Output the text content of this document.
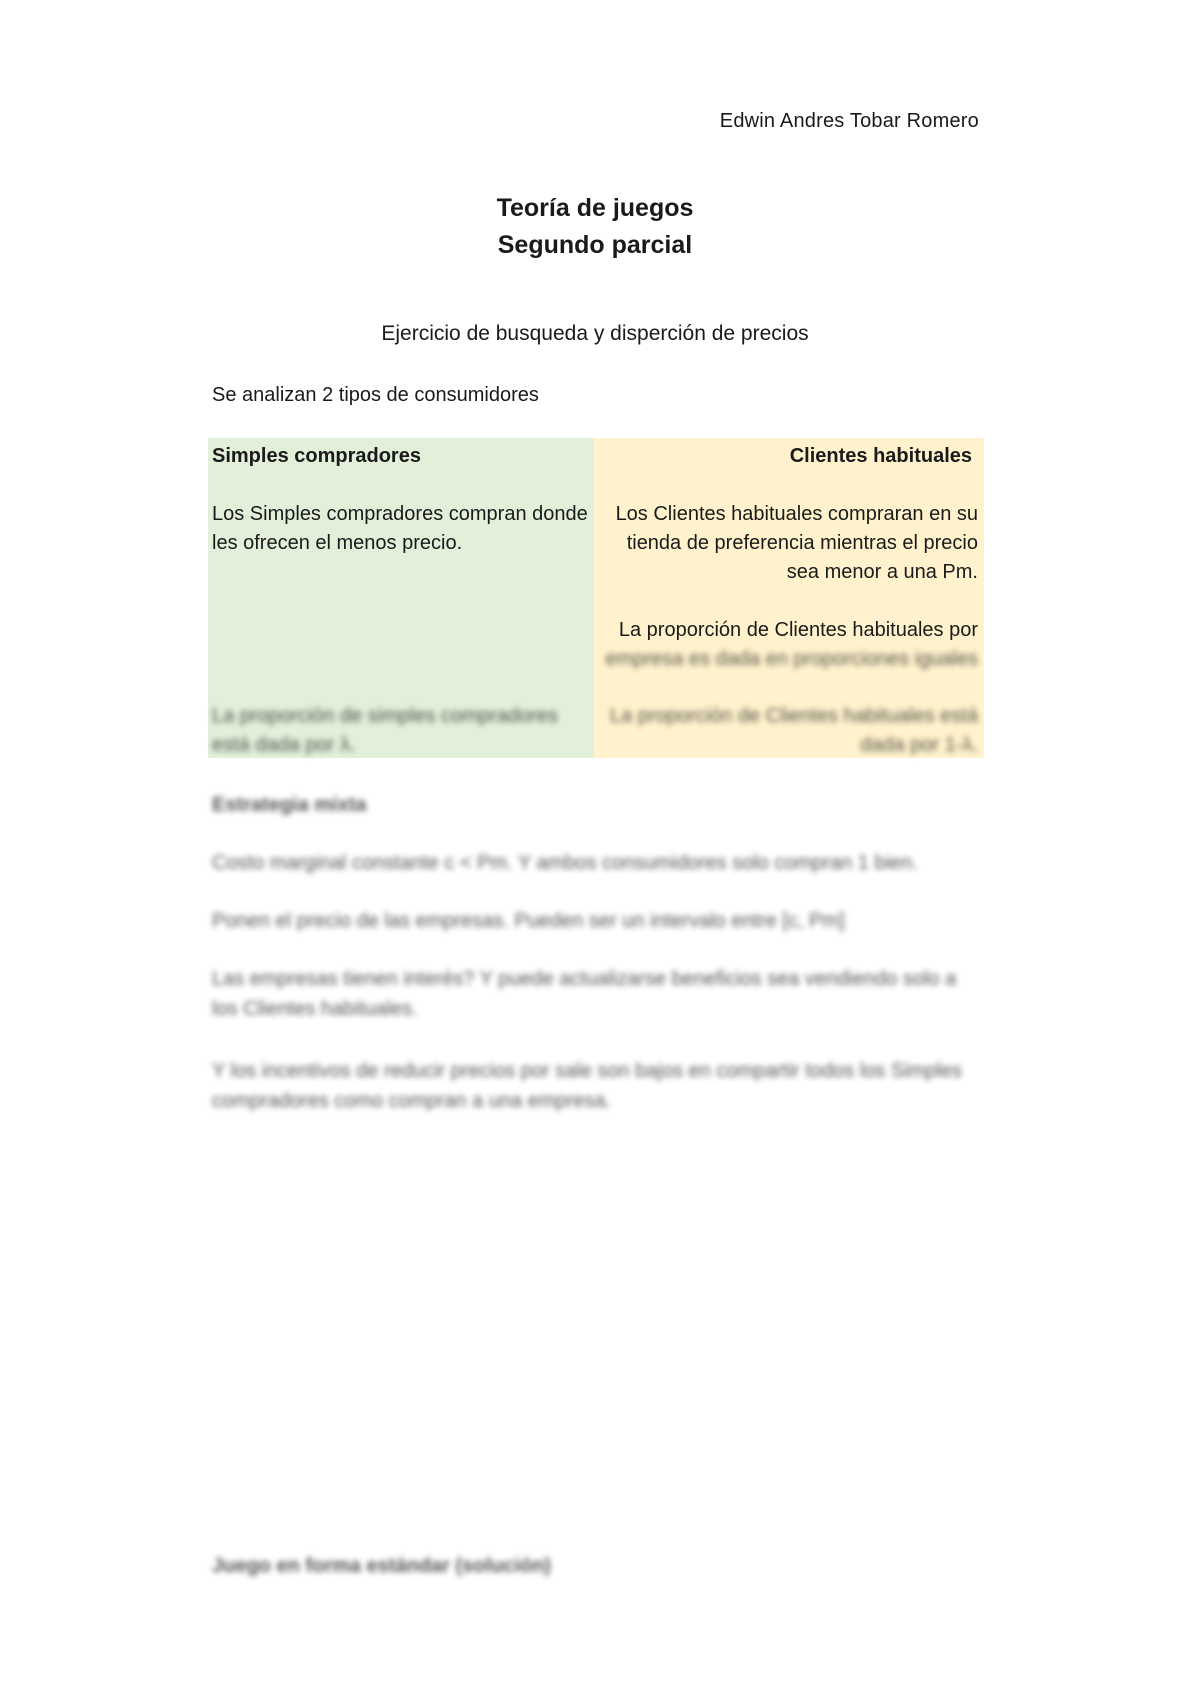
Edwin Andres Tobar Romero
Teoría de juegos
Segundo parcial
Ejercicio de busqueda y disperción de precios
Se analizan 2 tipos de consumidores
Simples compradores
Los Simples compradores compran donde les ofrecen el menos precio.
La proporción de simples compradores está dada por λ.
Clientes habituales
Los Clientes habituales compraran en su
tienda de preferencia mientras el precio
sea menor a una Pm.
La proporción de Clientes habituales por
empresa es dada en proporciones iguales
La proporción de Clientes habituales está dada por 1-λ.
Estrategia mixta
Costo marginal constante c < Pm. Y ambos consumidores solo compran 1 bien.
Ponen el precio de las empresas. Pueden ser un intervalo entre [c, Pm]
Las empresas tienen interés? Y puede actualizarse beneficios sea vendiendo solo a los Clientes habituales.
Y los incentivos de reducir precios por sale son bajos en compartir todos los Simples compradores como compran a una empresa.
Juego en forma estándar (solución)
